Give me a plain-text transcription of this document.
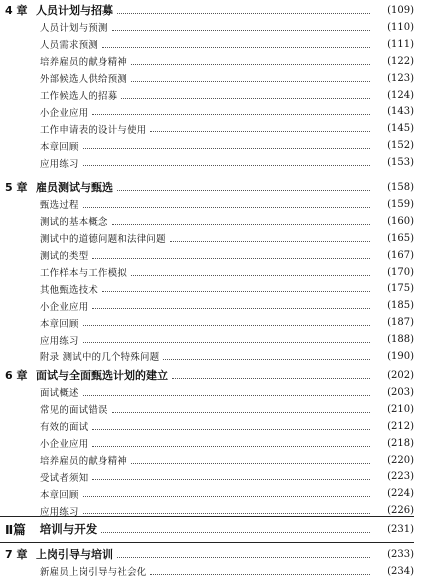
4 章 人员计划与招募	(109)
人员计划与预测	(110)
人员需求预测	(111)
培养雇员的献身精神	(122)
外部候选人供给预测	(123)
工作候选人的招募	(124)
小企业应用	(143)
工作申请表的设计与使用	(145)
本章回顾	(152)
应用练习	(153)
5 章 雇员测试与甄选	(158)
甄选过程	(159)
测试的基本概念	(160)
测试中的道德问题和法律问题	(165)
测试的类型	(167)
工作样本与工作模拟	(170)
其他甄选技术	(175)
小企业应用	(185)
本章回顾	(187)
应用练习	(188)
附录 测试中的几个特殊问题	(190)
6 章 面试与全面甄选计划的建立	(202)
面试概述	(203)
常见的面试错误	(210)
有效的面试	(212)
小企业应用	(218)
培养雇员的献身精神	(220)
受试者须知	(223)
本章回顾	(224)
应用练习	(226)
Ⅱ篇	培训与开发	(231)
7 章 上岗引导与培训	(233)
新雇员上岗引导与社会化	(234)
